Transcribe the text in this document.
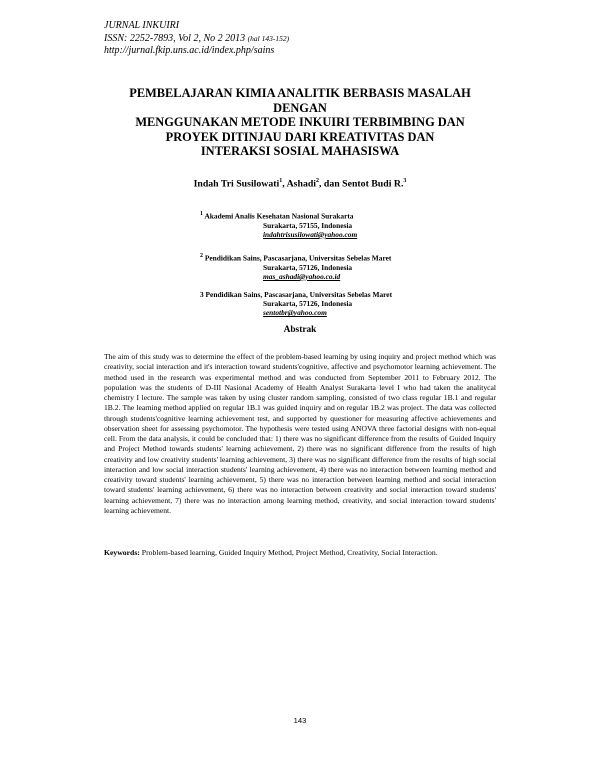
JURNAL INKUIRI
ISSN: 2252-7893, Vol 2, No 2 2013 (hal 143-152)
http://jurnal.fkip.uns.ac.id/index.php/sains
PEMBELAJARAN KIMIA ANALITIK BERBASIS MASALAH DENGAN
MENGGUNAKAN METODE INKUIRI TERBIMBING DAN
PROYEK DITINJAU DARI KREATIVITAS DAN
INTERAKSI SOSIAL MAHASISWA
Indah Tri Susilowati$^1$, Ashadi$^2$, dan Sentot Budi R.$^3$
$^1$ Akademi Analis Kesehatan Nasional Surakarta
Surakarta, 57155, Indonesia
indahtrisusilowati@yahoo.com
$^2$ Pendidikan Sains, Pascasarjana, Universitas Sebelas Maret
Surakarta, 57126, Indonesia
mas_ashadi@yahoo.co.id
3 Pendidikan Sains, Pascasarjana, Universitas Sebelas Maret
Surakarta, 57126, Indonesia
sentotbr@yahoo.com
Abstrak
The aim of this study was to determine the effect of the problem-based learning by using inquiry and project method which was creativity, social interaction and it's interaction toward students'cognitive, affective and psychomotor learning achievement. The method used in the research was experimental method and was conducted from September 2011 to February 2012. The population was the students of D-III Nasional Academy of Health Analyst Surakarta level I who had taken the analitycal chemistry I lecture. The sample was taken by using cluster random sampling, consisted of two class regular 1B.1 and regular 1B.2. The learning method applied on regular 1B.1 was guided inquiry and on regular 1B.2 was project. The data was collected through students'cognitive learning achievement test, and supported by questioner for measuring affective achievements and observation sheet for assessing psychomotor. The hypothesis were tested using ANOVA three factorial designs with non-equal cell. From the data analysis, it could be concluded that: 1) there was no significant difference from the results of Guided Inquiry and Project Method towards students' learning achievement, 2) there was no significant difference from the results of high creativity and low creativity students' learning achievement, 3) there was no significant difference from the results of high social interaction and low social interaction students' learning achievement, 4) there was no interaction between learning method and creativity toward students' learning achievement, 5) there was no interaction between learning method and social interaction toward students' learning achievement, 6) there was no interaction between creativity and social interaction toward students' learning achievement, 7) there was no interaction among learning method, creativity, and social interaction toward students' learning achievement.
Keywords: Problem-based learning, Guided Inquiry Method, Project Method, Creativity, Social Interaction.
143
